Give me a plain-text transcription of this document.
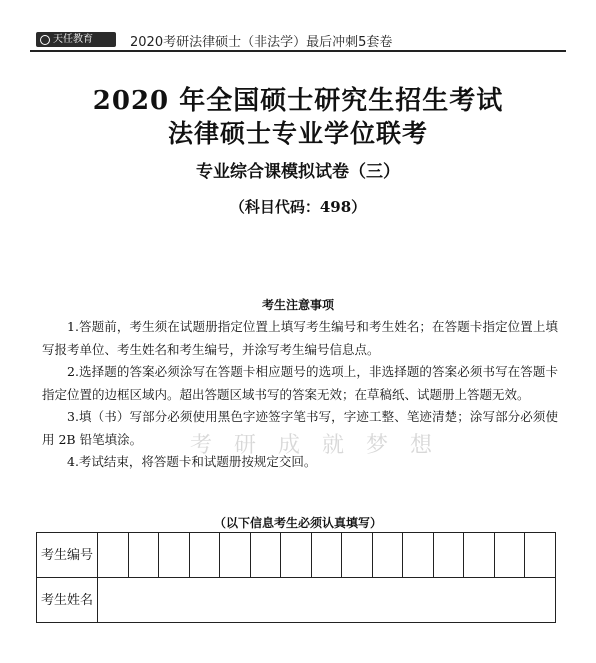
天任教育	2020考研法律硕士（非法学）最后冲刺5套卷
2020 年全国硕士研究生招生考试
法律硕士专业学位联考
专业综合课模拟试卷（三）
（科目代码：498）
考生注意事项

1.答题前，考生须在试题册指定位置上填写考生编号和考生姓名；在答题卡指定位置上填写报考单位、考生姓名和考生编号，并涂写考生编号信息点。

2.选择题的答案必须涂写在答题卡相应题号的选项上，非选择题的答案必须书写在答题卡指定位置的边框区域内。超出答题区域书写的答案无效；在草稿纸、试题册上答题无效。

3.填（书）写部分必须使用黑色字迹签字笔书写，字迹工整、笔迹清楚；涂写部分必须使用 2B 铅笔填涂。

4.考试结束，将答题卡和试题册按规定交回。

考研成就梦想
（以下信息考生必须认真填写）
考生编号															
考生姓名															
